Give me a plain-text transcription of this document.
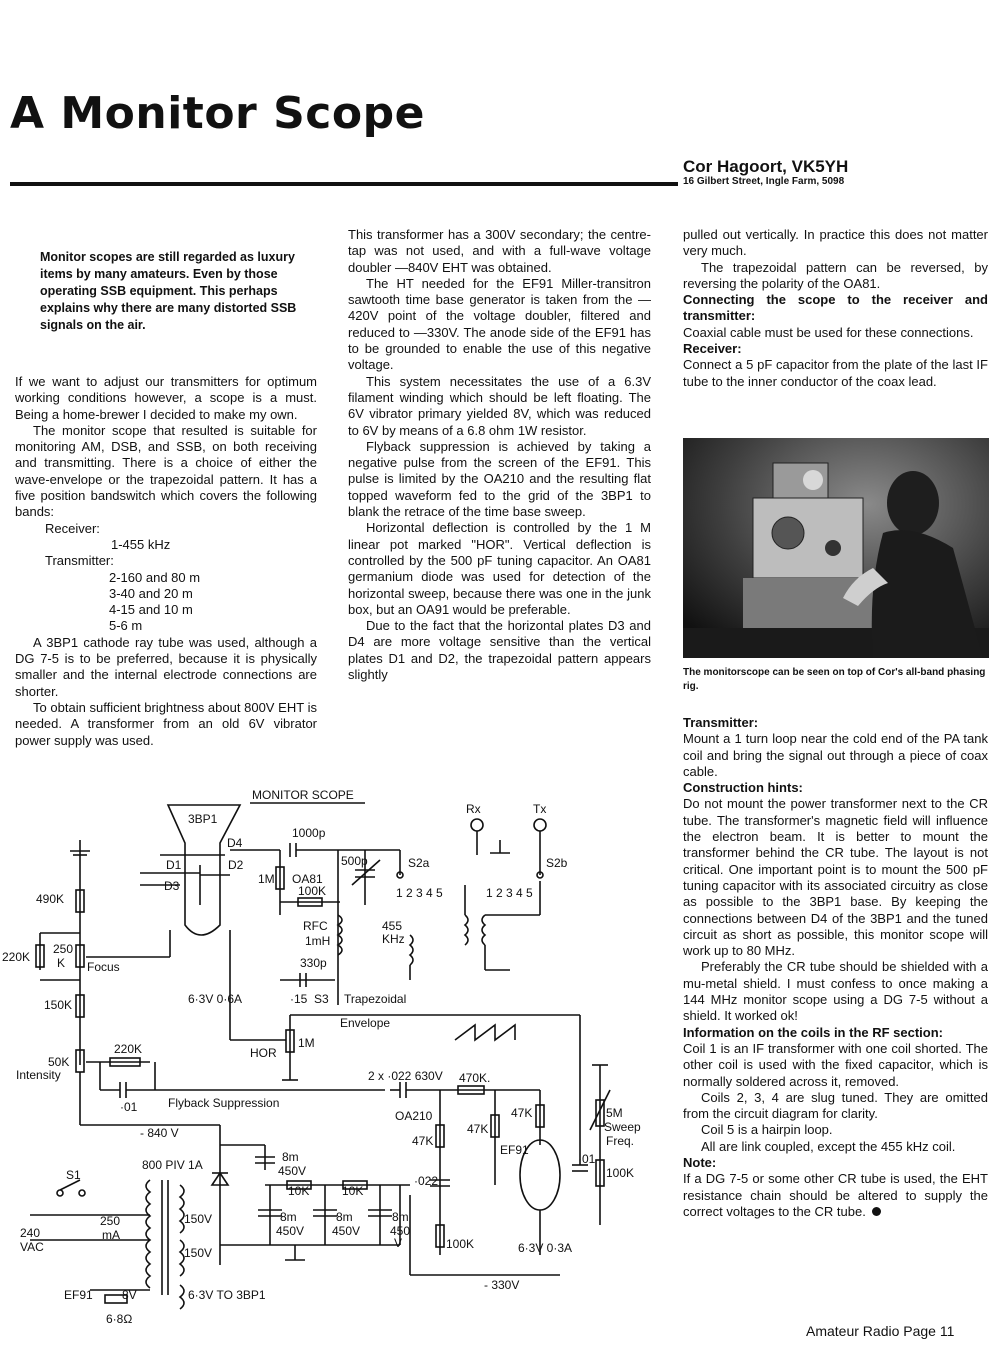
A Monitor Scope
Cor Hagoort, VK5YH
16 Gilbert Street, Ingle Farm, 5098
Monitor scopes are still regarded as luxury items by many amateurs. Even by those operating SSB equipment. This perhaps explains why there are many distorted SSB signals on the air.

If we want to adjust our transmitters for optimum working conditions however, a scope is a must. Being a home-brewer I decided to make my own.

The monitor scope that resulted is suitable for monitoring AM, DSB, and SSB, on both receiving and transmitting. There is a choice of either the wave-envelope or the trapezoidal pattern. It has a five position bandswitch which covers the following bands:

Receiver:
1-455 kHz
Transmitter:
2-160 and 80 m
3-40 and 20 m
4-15 and 10 m
5-6 m

A 3BP1 cathode ray tube was used, although a DG 7-5 is to be preferred, because it is physically smaller and the internal electrode connections are shorter.

To obtain sufficient brightness about 800V EHT is needed. A transformer from an old 6V vibrator power supply was used.

This transformer has a 300V secondary; the centre-tap was not used, and with a full-wave voltage doubler —840V EHT was obtained.

The HT needed for the EF91 Miller-transitron sawtooth time base generator is taken from the —420V point of the voltage doubler, filtered and reduced to —330V. The anode side of the EF91 has to be grounded to enable the use of this negative voltage.

This system necessitates the use of a 6.3V filament winding which should be left floating. The 6V vibrator primary yielded 8V, which was reduced to 6V by means of a 6.8 ohm 1W resistor.

Flyback suppression is achieved by taking a negative pulse from the screen of the EF91. This pulse is limited by the OA210 and the resulting flat topped waveform fed to the grid of the 3BP1 to blank the retrace of the time base sweep.

Horizontal deflection is controlled by the 1 M linear pot marked "HOR". Vertical deflection is controlled by the 500 pF tuning capacitor. An OA81 germanium diode was used for detection of the horizontal sweep, because there was one in the junk box, but an OA91 would be preferable.

Due to the fact that the horizontal plates D3 and D4 are more voltage sensitive than the vertical plates D1 and D2, the trapezoidal pattern appears slightly

pulled out vertically. In practice this does not matter very much.

The trapezoidal pattern can be reversed, by reversing the polarity of the OA81.

Connecting the scope to the receiver and transmitter:

Coaxial cable must be used for these connections.

Receiver:

Connect a 5 pF capacitor from the plate of the last IF tube to the inner conductor of the coax lead.

The monitorscope can be seen on top of Cor's all-band phasing rig.

Transmitter:

Mount a 1 turn loop near the cold end of the PA tank coil and bring the signal out through a piece of coax cable.

Construction hints:

Do not mount the power transformer next to the CR tube. The transformer's magnetic field will influence the electron beam. It is better to mount the transformer behind the CR tube. The layout is not critical. One important point is to mount the 500 pF tuning capacitor with its associated circuitry as close as possible to the 3BP1 base. By keeping the connections between D4 of the 3BP1 and the tuned circuit as short as possible, this monitor scope will work up to 80 MHz.

Preferably the CR tube should be shielded with a mu-metal shield. I must confess to once making a 144 MHz monitor scope using a DG 7-5 without a shield. It worked ok!

Information on the coils in the RF section:

Coil 1 is an IF transformer with one coil shorted. The other coil is used with the fixed capacitor, which is normally soldered across it, removed.

Coils 2, 3, 4 are slug tuned. They are omitted from the circuit diagram for clarity.

Coil 5 is a hairpin loop.

All are link coupled, except the 455 kHz coil.

Note:

If a DG 7-5 or some other CR tube is used, the EHT resistance chain should be altered to supply the correct voltages to the CR tube.

Amateur Radio Page 11
MONITOR SCOPE
3BP1
D4
D1	D2
D3
1000p
500p
1M OA81
100K
RFC
1mH
330p
S2a	S2b
Rx	Tx
1 2 3 4 5	1 2 3 4 5
455
KHz
490K
220K
250
K Focus
150K	6·3V 0·6A	·15 S3 Trapezoidal
Envelope
HOR
1M
50K
Intensity
220K
·01	Flyback Suppression
2 x ·022 630V 470K.
OA210
47K
47K
47K
EF91
5M
Sweep
Freq.
·01
100K
·022
100K	6·3V 0·3A
- 840 V
800 PIV 1A
8m
450V
10K	10K
8m
450V
8m
450V
8m
450
V
S1
240
VAC
250
mA
150V
150V
EF91 8V	6·3V TO 3BP1
6·8Ω
- 330V
